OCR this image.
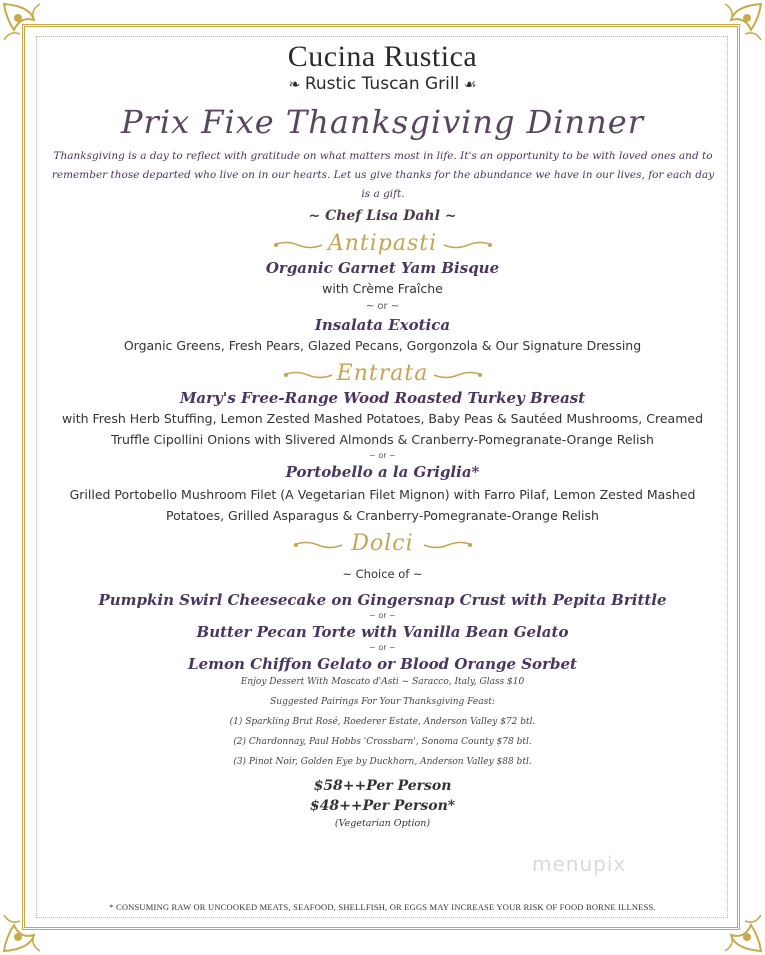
Cucina Rustica
❧ Rustic Tuscan Grill ☙
Prix Fixe Thanksgiving Dinner
Thanksgiving is a day to reflect with gratitude on what matters most in life. It's an opportunity to be with loved ones and to
remember those departed who live on in our hearts. Let us give thanks for the abundance we have in our lives, for each day
is a gift.
~ Chef Lisa Dahl ~
Antipasti
Organic Garnet Yam Bisque
with Crème Fraîche
~ or ~
Insalata Exotica
Organic Greens, Fresh Pears, Glazed Pecans, Gorgonzola & Our Signature Dressing
Entrata
Mary's Free-Range Wood Roasted Turkey Breast
with Fresh Herb Stuffing, Lemon Zested Mashed Potatoes, Baby Peas & Sautéed Mushrooms, Creamed
Truffle Cipollini Onions with Slivered Almonds & Cranberry-Pomegranate-Orange Relish
~ or ~
Portobello a la Griglia*
Grilled Portobello Mushroom Filet (A Vegetarian Filet Mignon) with Farro Pilaf, Lemon Zested Mashed
Potatoes, Grilled Asparagus & Cranberry-Pomegranate-Orange Relish
Dolci
~ Choice of ~
Pumpkin Swirl Cheesecake on Gingersnap Crust with Pepita Brittle
~ or ~
Butter Pecan Torte with Vanilla Bean Gelato
~ or ~
Lemon Chiffon Gelato or Blood Orange Sorbet
Enjoy Dessert With Moscato d'Asti ~ Saracco, Italy, Glass $10
Suggested Pairings For Your Thanksgiving Feast:
(1) Sparkling Brut Rosé, Roederer Estate, Anderson Valley $72 btl.
(2) Chardonnay, Paul Hobbs 'Crossbarn', Sonoma County $78 btl.
(3) Pinot Noir, Golden Eye by Duckhorn, Anderson Valley $88 btl.
$58++Per Person
$48++Per Person*
(Vegetarian Option)
menupix
* CONSUMING RAW OR UNCOOKED MEATS, SEAFOOD, SHELLFISH, OR EGGS MAY INCREASE YOUR RISK OF FOOD BORNE ILLNESS.
